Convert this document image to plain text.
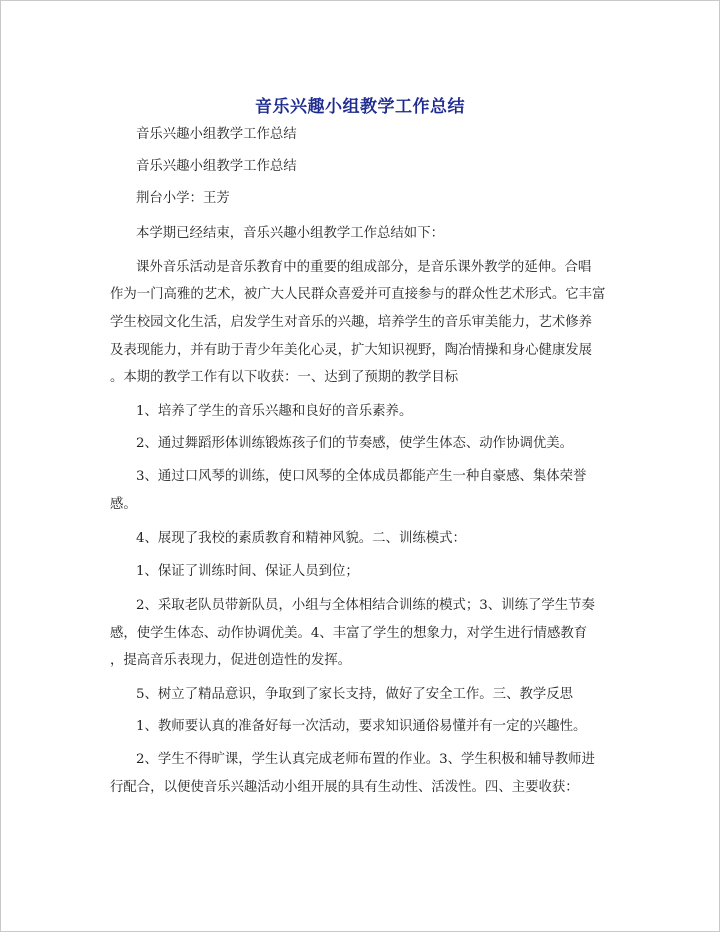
音乐兴趣小组教学工作总结
音乐兴趣小组教学工作总结
音乐兴趣小组教学工作总结
荆台小学：王芳
本学期已经结束，音乐兴趣小组教学工作总结如下：
课外音乐活动是音乐教育中的重要的组成部分，是音乐课外教学的延伸。合唱
作为一门高雅的艺术，被广大人民群众喜爱并可直接参与的群众性艺术形式。它丰富
学生校园文化生活，启发学生对音乐的兴趣，培养学生的音乐审美能力，艺术修养
及表现能力，并有助于青少年美化心灵，扩大知识视野，陶冶情操和身心健康发展
。本期的教学工作有以下收获：一、达到了预期的教学目标
1、培养了学生的音乐兴趣和良好的音乐素养。
2、通过舞蹈形体训练锻炼孩子们的节奏感，使学生体态、动作协调优美。
3、通过口风琴的训练，使口风琴的全体成员都能产生一种自豪感、集体荣誉
感。
4、展现了我校的素质教育和精神风貌。二、训练模式：
1、保证了训练时间、保证人员到位；
2、采取老队员带新队员，小组与全体相结合训练的模式；3、训练了学生节奏
感，使学生体态、动作协调优美。4、丰富了学生的想象力，对学生进行情感教育
，提高音乐表现力，促进创造性的发挥。
5、树立了精品意识，争取到了家长支持，做好了安全工作。三、教学反思
1、教师要认真的准备好每一次活动，要求知识通俗易懂并有一定的兴趣性。
2、学生不得旷课，学生认真完成老师布置的作业。3、学生积极和辅导教师进
行配合，以便使音乐兴趣活动小组开展的具有生动性、活泼性。四、主要收获：
